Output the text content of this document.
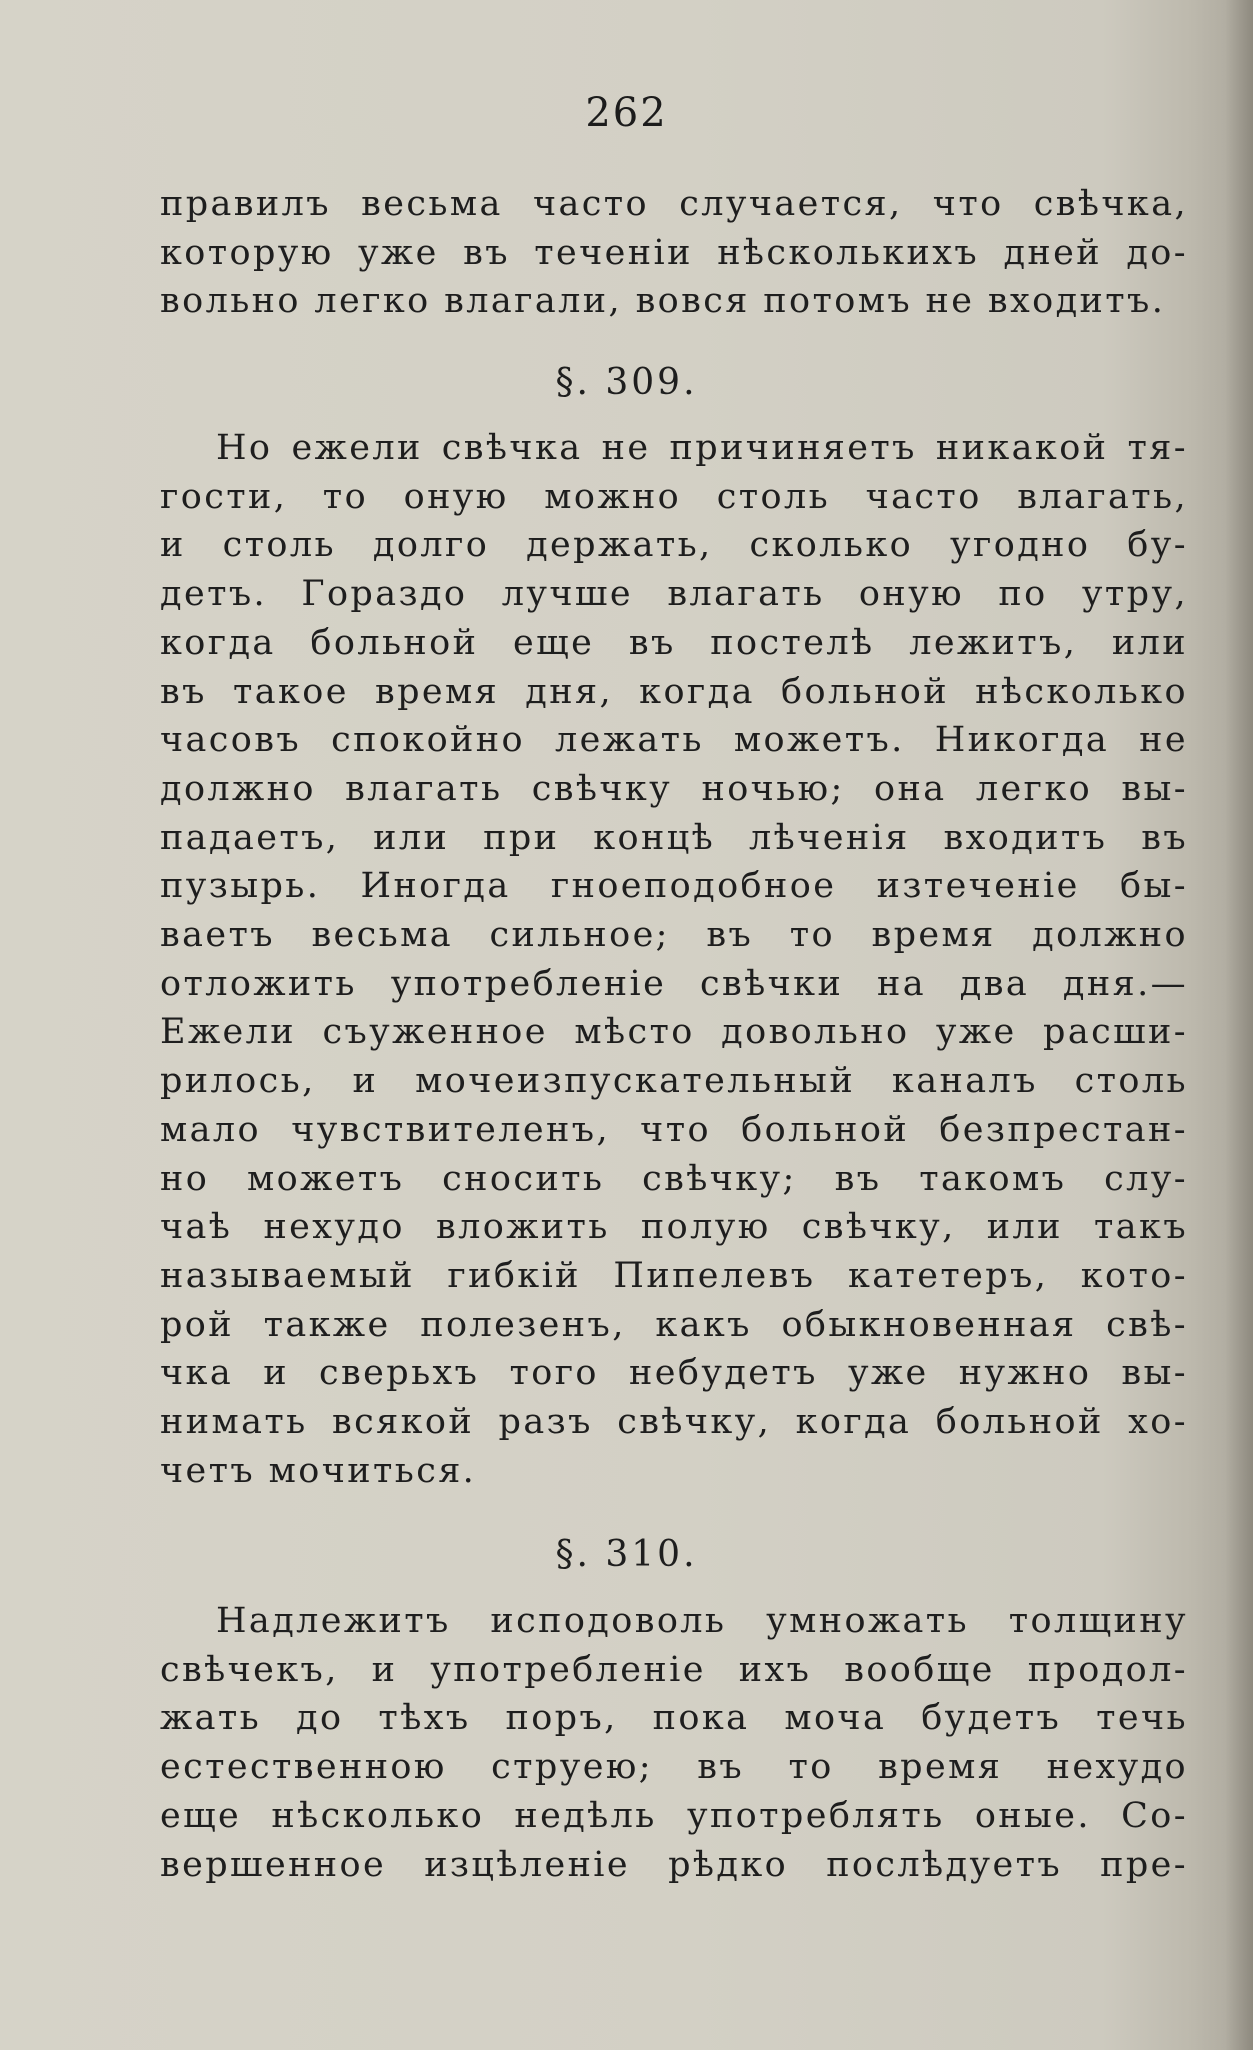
262
правилъ весьма часто случается, что свѣчка,
которую уже въ теченіи нѣсколькихъ дней до-
вольно легко влагали, вовся потомъ не входитъ.
§. 309.
Но ежели свѣчка не причиняетъ никакой тя-
гости, то оную можно столь часто влагать,
и столь долго держать, сколько угодно бу-
детъ. Гораздо лучше влагать оную по утру,
когда больной еще въ постелѣ лежитъ, или
въ такое время дня, когда больной нѣсколько
часовъ спокойно лежать можетъ. Никогда не
должно влагать свѣчку ночью; она легко вы-
падаетъ, или при концѣ лѣченія входитъ въ
пузырь. Иногда гноеподобное изтеченіе бы-
ваетъ весьма сильное; въ то время должно
отложить употребленіе свѣчки на два дня.—
Ежели съуженное мѣсто довольно уже расши-
рилось, и мочеизпускательный каналъ столь
мало чувствителенъ, что больной безпрестан-
но можетъ сносить свѣчку; въ такомъ слу-
чаѣ нехудо вложить полую свѣчку, или такъ
называемый гибкій Пипелевъ катетеръ, кото-
рой также полезенъ, какъ обыкновенная свѣ-
чка и сверьхъ того небудетъ уже нужно вы-
нимать всякой разъ свѣчку, когда больной хо-
четъ мочиться.
§. 310.
Надлежитъ исподоволь умножать толщину
свѣчекъ, и употребленіе ихъ вообще продол-
жать до тѣхъ поръ, пока моча будетъ течь
естественною струею; въ то время нехудо
еще нѣсколько недѣль употреблять оные. Со-
вершенное изцѣленіе рѣдко послѣдуетъ пре-
